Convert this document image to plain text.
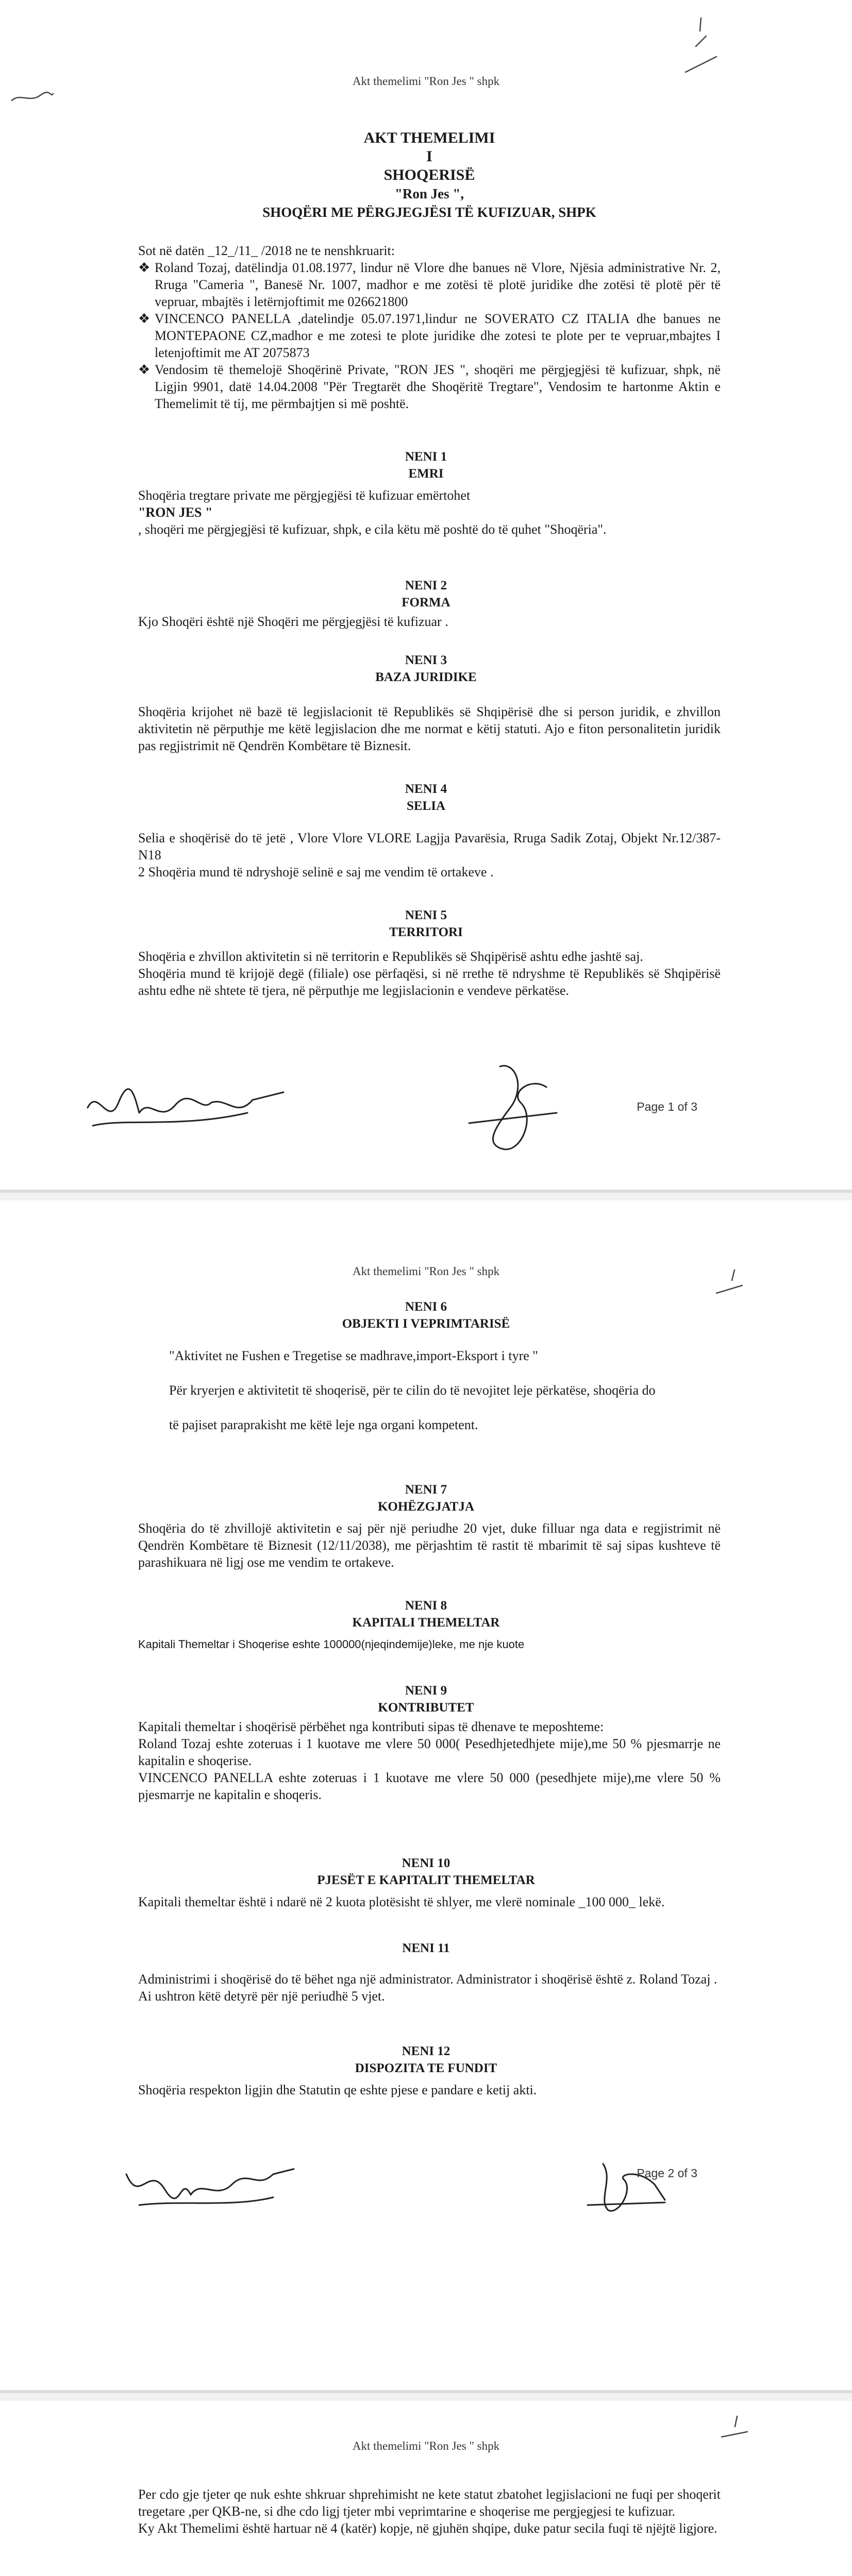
Akt themelimi "Ron Jes " shpk
AKT THEMELIMI
I
SHOQERISË
"Ron Jes ",
SHOQËRI ME PËRGJEGJËSI TË KUFIZUAR, SHPK
Sot në datën _12_/11_ /2018 ne te nenshkruarit:
❖ Roland Tozaj, datëlindja 01.08.1977, lindur në Vlore dhe banues në Vlore, Njësia administrative Nr. 2, Rruga "Cameria ", Banesë Nr. 1007, madhor e me zotësi të plotë juridike dhe zotësi të plotë për të vepruar, mbajtës i letërnjoftimit me 026621800
❖ VINCENCO PANELLA ,datelindje 05.07.1971,lindur ne SOVERATO CZ ITALIA dhe banues ne MONTEPAONE CZ,madhor e me zotesi te plote juridike dhe zotesi te plote per te vepruar,mbajtes I letenjoftimit me AT 2075873
❖ Vendosim të themelojë Shoqërinë Private, "RON JES ", shoqëri me përgjegjësi të kufizuar, shpk, në Ligjin 9901, datë 14.04.2008 "Për Tregtarët dhe Shoqëritë Tregtare", Vendosim te hartonme Aktin e Themelimit të tij, me përmbajtjen si më poshtë.
NENI 1
EMRI
Shoqëria tregtare private me përgjegjësi të kufizuar emërtohet
"RON JES "
, shoqëri me përgjegjësi të kufizuar, shpk, e cila këtu më poshtë do të quhet "Shoqëria".
NENI 2
FORMA
Kjo Shoqëri është një Shoqëri me përgjegjësi të kufizuar .
NENI 3
BAZA JURIDIKE
Shoqëria krijohet në bazë të legjislacionit të Republikës së Shqipërisë dhe si person juridik, e zhvillon aktivitetin në përputhje me këtë legjislacion dhe me normat e këtij statuti. Ajo e fiton personalitetin juridik pas regjistrimit në Qendrën Kombëtare të Biznesit.
NENI 4
SELIA
Selia e shoqërisë do të jetë , Vlore Vlore VLORE Lagjja Pavarësia, Rruga Sadik Zotaj, Objekt Nr.12/387-N18
2 Shoqëria mund të ndryshojë selinë e saj me vendim të ortakeve .
NENI 5
TERRITORI
Shoqëria e zhvillon aktivitetin si në territorin e Republikës së Shqipërisë ashtu edhe jashtë saj.
Shoqëria mund të krijojë degë (filiale) ose përfaqësi, si në rrethe të ndryshme të Republikës së Shqipërisë ashtu edhe në shtete të tjera, në përputhje me legjislacionin e vendeve përkatëse.
Page 1 of 3
Akt themelimi "Ron Jes " shpk
NENI 6
OBJEKTI I VEPRIMTARISË
"Aktivitet ne Fushen e Tregetise se madhrave,import-Eksport i tyre "
Për kryerjen e aktivitetit të shoqerisë, për te cilin do të nevojitet leje përkatëse, shoqëria do
të pajiset paraprakisht me këtë leje nga organi kompetent.
NENI 7
KOHËZGJATJA
Shoqëria do të zhvillojë aktivitetin e saj për një periudhe 20 vjet, duke filluar nga data e regjistrimit në Qendrën Kombëtare të Biznesit (12/11/2038), me përjashtim të rastit të mbarimit të saj sipas kushteve të parashikuara në ligj ose me vendim te ortakeve.
NENI 8
KAPITALI THEMELTAR
Kapitali Themeltar i Shoqerise eshte 100000(njeqindemije)leke, me nje kuote
NENI 9
KONTRIBUTET
Kapitali themeltar i shoqërisë përbëhet nga kontributi sipas të dhenave te meposhteme:
Roland Tozaj eshte zoteruas i 1 kuotave me vlere 50 000( Pesedhjetedhjete mije),me 50 % pjesmarrje ne kapitalin e shoqerise.
VINCENCO PANELLA eshte zoteruas i 1 kuotave me vlere 50 000 (pesedhjete mije),me vlere 50 % pjesmarrje ne kapitalin e shoqeris.
NENI 10
PJESËT E KAPITALIT THEMELTAR
Kapitali themeltar është i ndarë në 2 kuota plotësisht të shlyer, me vlerë nominale _100 000_ lekë.
NENI 11
Administrimi i shoqërisë do të bëhet nga një administrator. Administrator i shoqërisë është z. Roland Tozaj .
Ai ushtron këtë detyrë për një periudhë 5 vjet.
NENI 12
DISPOZITA TE FUNDIT
Shoqëria respekton ligjin dhe Statutin qe eshte pjese e pandare e ketij akti.
Page 2 of 3
Akt themelimi "Ron Jes " shpk
Per cdo gje tjeter qe nuk eshte shkruar shprehimisht ne kete statut zbatohet legjislacioni ne fuqi per shoqerit tregetare ,per QKB-ne, si dhe cdo ligj tjeter mbi veprimtarine e shoqerise me pergjegjesi te kufizuar.
Ky Akt Themelimi është hartuar në 4 (katër) kopje, në gjuhën shqipe, duke patur secila fuqi të njëjtë ligjore.
